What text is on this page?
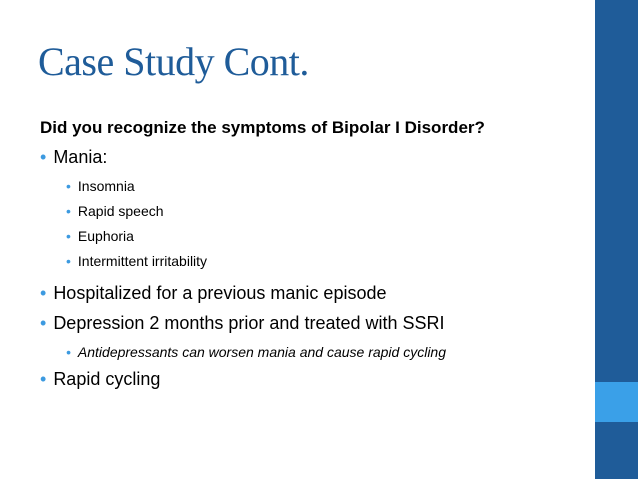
Case Study Cont.
Did you recognize the symptoms of Bipolar I Disorder?
• Mania:
• Insomnia
• Rapid speech
• Euphoria
• Intermittent irritability
• Hospitalized for a previous manic episode
• Depression 2 months prior and treated with SSRI
• Antidepressants can worsen mania and cause rapid cycling
• Rapid cycling
